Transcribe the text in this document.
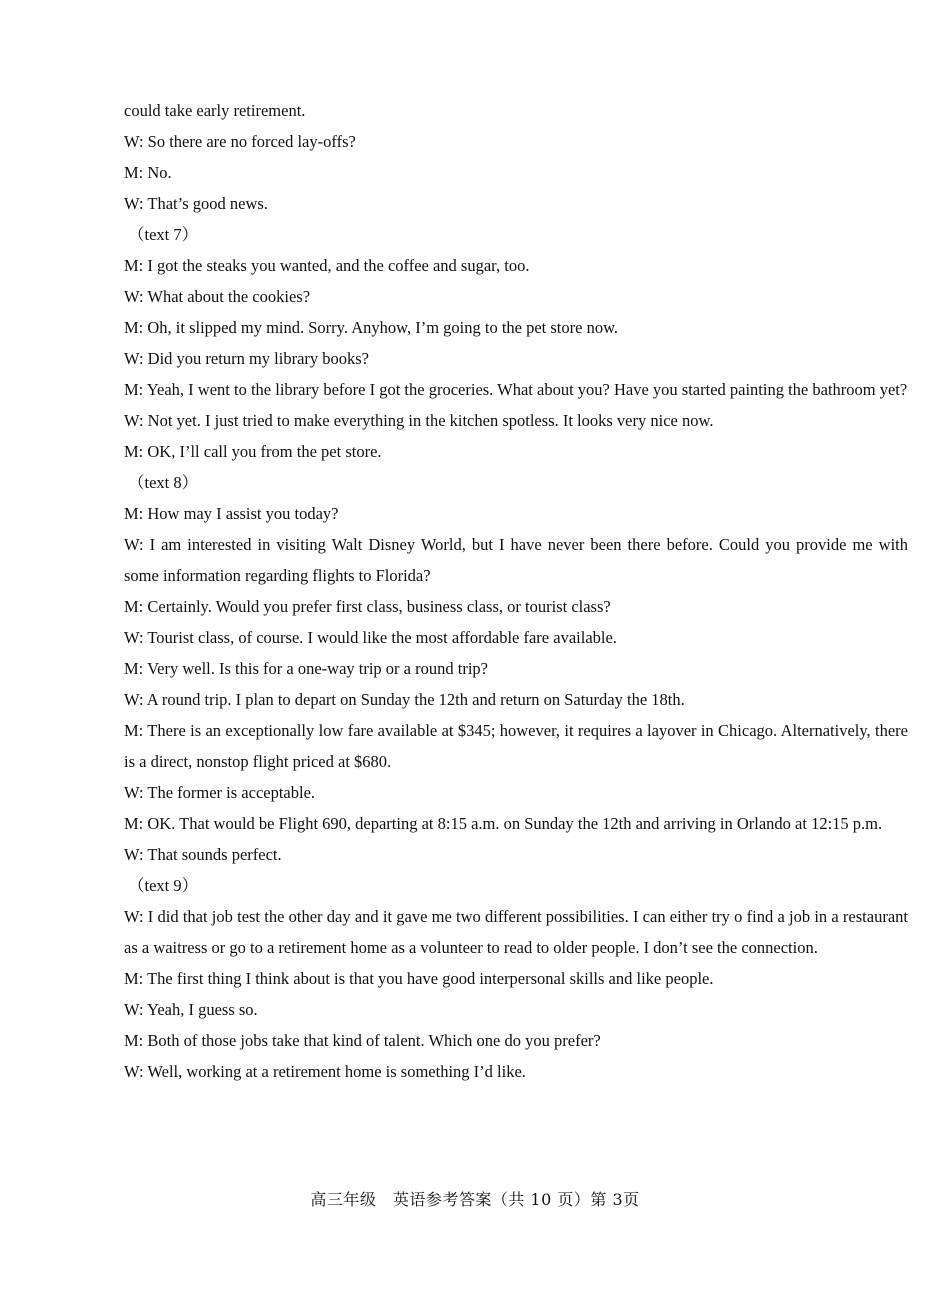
could take early retirement.
W: So there are no forced lay-offs?
M: No.
W: That’s good news.
（text 7）
M: I got the steaks you wanted, and the coffee and sugar, too.
W: What about the cookies?
M: Oh, it slipped my mind. Sorry. Anyhow, I’m going to the pet store now.
W: Did you return my library books?
M: Yeah, I went to the library before I got the groceries. What about you? Have you started painting the bathroom yet?
W: Not yet. I just tried to make everything in the kitchen spotless. It looks very nice now.
M: OK, I’ll call you from the pet store.
（text 8）
M: How may I assist you today?
W: I am interested in visiting Walt Disney World, but I have never been there before. Could you provide me with some information regarding flights to Florida?
M: Certainly. Would you prefer first class, business class, or tourist class?
W: Tourist class, of course. I would like the most affordable fare available.
M: Very well. Is this for a one-way trip or a round trip?
W: A round trip. I plan to depart on Sunday the 12th and return on Saturday the 18th.
M: There is an exceptionally low fare available at $345; however, it requires a layover in Chicago. Alternatively, there is a direct, nonstop flight priced at $680.
W: The former is acceptable.
M: OK. That would be Flight 690, departing at 8:15 a.m. on Sunday the 12th and arriving in Orlando at 12:15 p.m.
W: That sounds perfect.
（text 9）
W: I did that job test the other day and it gave me two different possibilities. I can either try o find a job in a restaurant as a waitress or go to a retirement home as a volunteer to read to older people. I don’t see the connection.
M: The first thing I think about is that you have good interpersonal skills and like people.
W: Yeah, I guess so.
M: Both of those jobs take that kind of talent. Which one do you prefer?
W: Well, working at a retirement home is something I’d like.
高三年级　英语参考答案（共 10 页）第 3页
